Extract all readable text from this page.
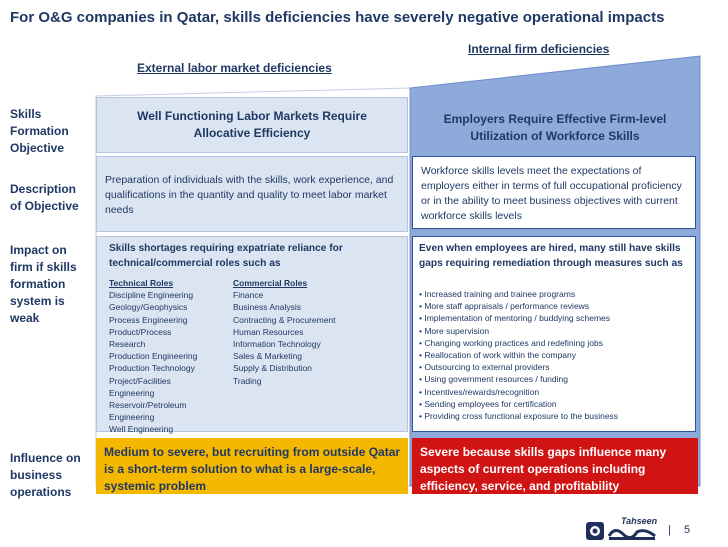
For O&G companies in Qatar, skills deficiencies have severely negative operational impacts
Internal firm deficiencies
External labor market deficiencies
Skills Formation Objective
Description of Objective
Impact on firm if skills formation system is weak
Influence on business operations
Well Functioning Labor Markets Require Allocative Efficiency
Employers Require Effective Firm-level Utilization of Workforce Skills
Preparation of individuals with the skills, work experience, and qualifications in the quantity and quality to meet labor market needs
Workforce skills levels meet the expectations of employers either in terms of full occupational proficiency or in the ability to meet business objectives with current workforce skills levels
Skills shortages requiring expatriate reliance for technical/commercial roles such as
Technical Roles
Discipline Engineering
Geology/Geophysics
Process Engineering
Product/Process
Research
Production Engineering
Production Technology
Project/Facilities
Engineering
Reservoir/Petroleum
Engineering
Well Engineering
Commercial Roles
Finance
Business Analysis
Contracting & Procurement
Human Resources
Information Technology
Sales & Marketing
Supply & Distribution
Trading
Even when employees are hired, many still have skills gaps requiring remediation through measures such as
• Increased training and trainee programs
• More staff appraisals / performance reviews
• Implementation of mentoring / buddying schemes
• More supervision
• Changing working practices and redefining jobs
• Reallocation of work within the company
• Outsourcing to external providers
• Using government resources / funding
• Incentives/rewards/recognition
• Sending employees for certification
• Providing cross functional exposure to the business
Medium to severe, but recruiting from outside Qatar is a short-term solution to what is a large-scale, systemic problem
Severe because skills gaps influence many aspects of current operations including efficiency, service, and profitability
Tahseen
| 5
